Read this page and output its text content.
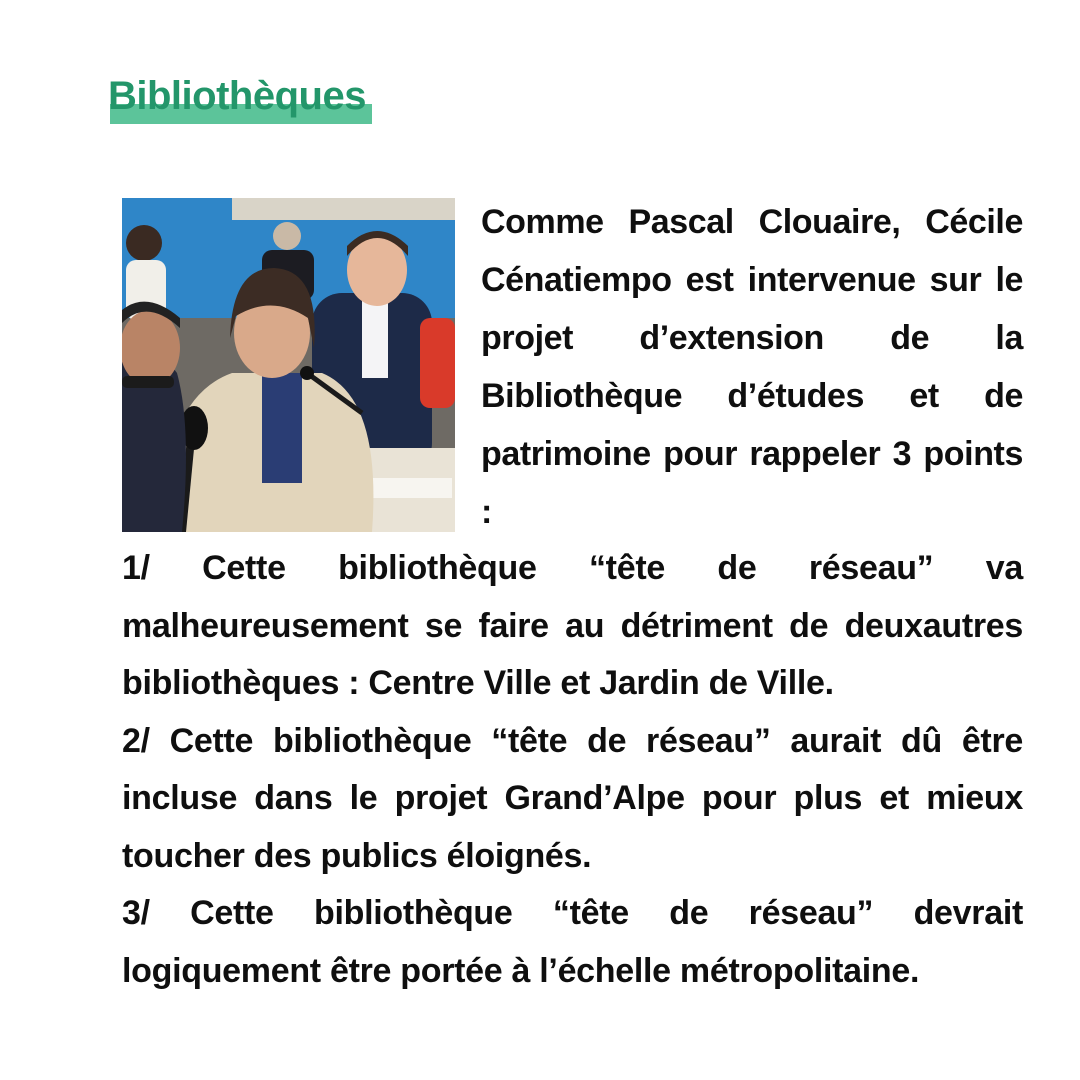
Bibliothèques

Comme Pascal Clouaire, Cécile Cénatiempo est intervenue sur le projet d’extension de la Bibliothèque d’études et de patrimoine pour rappeler 3 points :

1/ Cette bibliothèque “tête de réseau” va malheureusement se faire au détriment de deuxautres bibliothèques : Centre Ville et Jardin de Ville.

2/ Cette bibliothèque “tête de réseau” aurait dû être incluse dans le projet Grand’Alpe pour plus et mieux toucher des publics éloignés.

3/ Cette bibliothèque “tête de réseau” devrait logiquement être portée à l’échelle métropolitaine.
